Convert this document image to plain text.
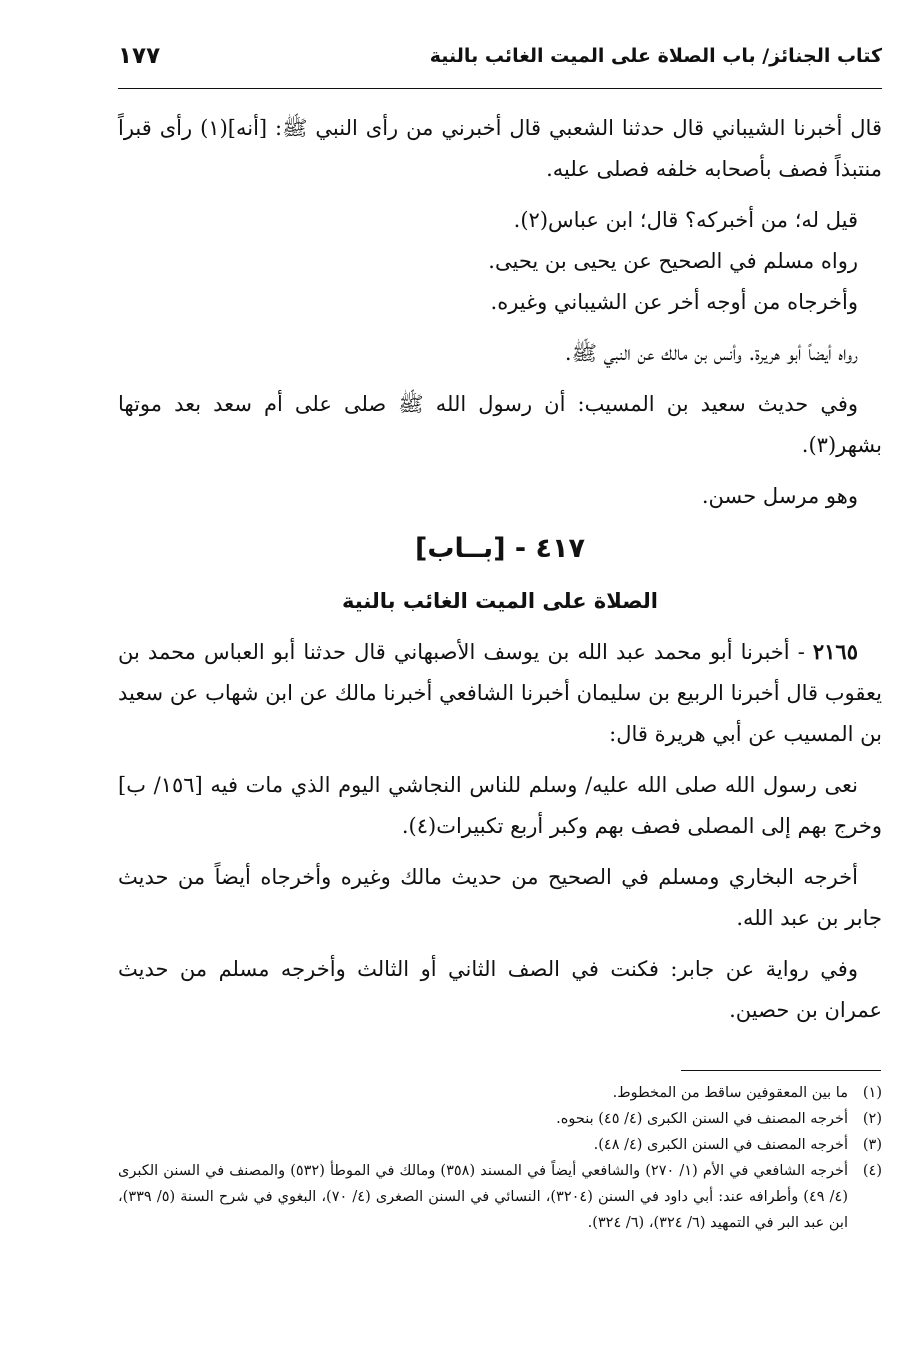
كتاب الجنائز/ باب الصلاة على الميت الغائب بالنية
١٧٧

قال أخبرنا الشيباني قال حدثنا الشعبي قال أخبرني من رأى النبي ﷺ: [أنه](١) رأى قبراً منتبذاً فصف بأصحابه خلفه فصلى عليه.

قيل له؛ من أخبركه؟ قال؛ ابن عباس(٢).

رواه مسلم في الصحيح عن يحيى بن يحيى.

وأخرجاه من أوجه أخر عن الشيباني وغيره.

رواه أيضاً أبو هريرة. وأنس بن مالك عن النبي ﷺ.

وفي حديث سعيد بن المسيب: أن رسول الله ﷺ صلى على أم سعد بعد موتها بشهر(٣).

وهو مرسل حسن.

٤١٧ - [بــاب]

الصلاة على الميت الغائب بالنية

٢١٦٥ - أخبرنا أبو محمد عبد الله بن يوسف الأصبهاني قال حدثنا أبو العباس محمد بن يعقوب قال أخبرنا الربيع بن سليمان أخبرنا الشافعي أخبرنا مالك عن ابن شهاب عن سعيد بن المسيب عن أبي هريرة قال:

نعى رسول الله صلى الله عليه/ وسلم للناس النجاشي اليوم الذي مات فيه [١٥٦/ ب] وخرج بهم إلى المصلى فصف بهم وكبر أربع تكبيرات(٤).

أخرجه البخاري ومسلم في الصحيح من حديث مالك وغيره وأخرجاه أيضاً من حديث جابر بن عبد الله.

وفي رواية عن جابر: فكنت في الصف الثاني أو الثالث وأخرجه مسلم من حديث عمران بن حصين.

(١)
ما بين المعقوفين ساقط من المخطوط.
(٢)
أخرجه المصنف في السنن الكبرى (٤/ ٤٥) بنحوه.
(٣)
أخرجه المصنف في السنن الكبرى (٤/ ٤٨).
(٤)
أخرجه الشافعي في الأم (١/ ٢٧٠) والشافعي أيضاً في المسند (٣٥٨) ومالك في الموطأ (٥٣٢) والمصنف في السنن الكبرى (٤/ ٤٩) وأطرافه عند: أبي داود في السنن (٣٢٠٤)، النسائي في السنن الصغرى (٤/ ٧٠)، البغوي في شرح السنة (٥/ ٣٣٩)، ابن عبد البر في التمهيد (٦/ ٣٢٤)، (٦/ ٣٢٤).
